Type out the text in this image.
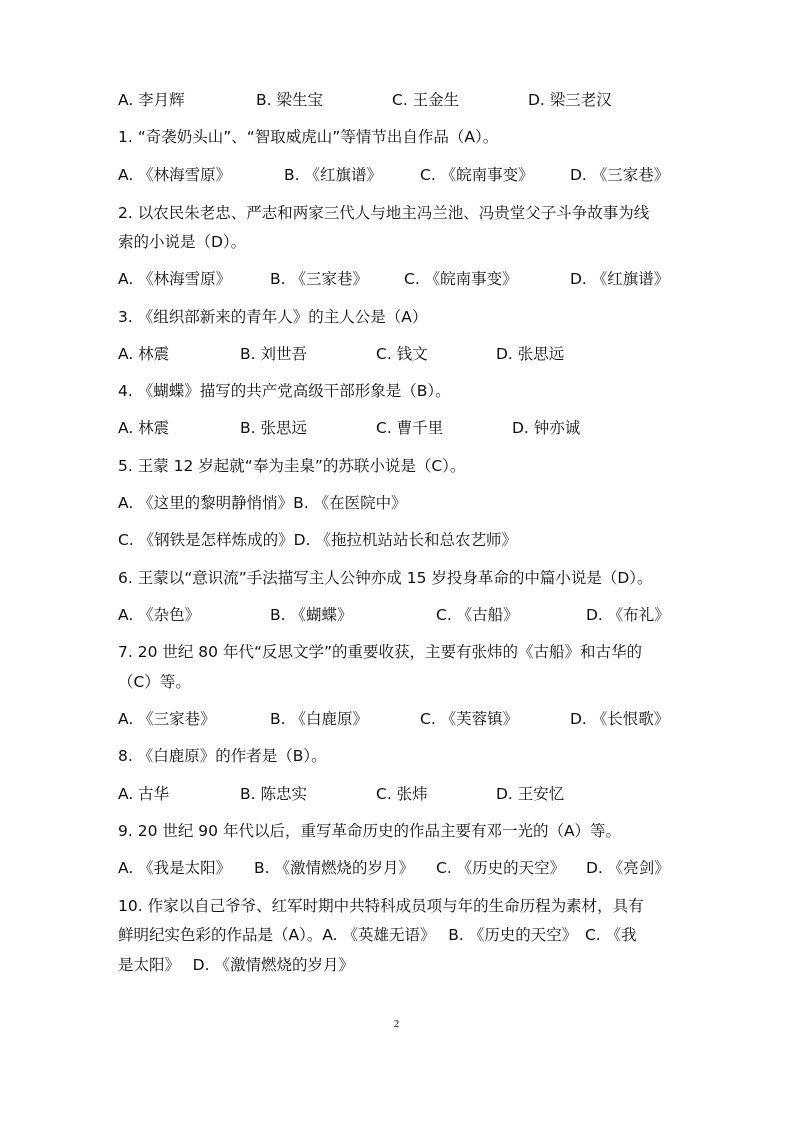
A. 李月辉	B. 梁生宝	C. 王金生	D. 梁三老汉
1. “奇袭奶头山”、“智取威虎山”等情节出自作品（A）。
A. 《林海雪原》	B. 《红旗谱》 C. 《皖南事变》 D. 《三家巷》
2. 以农民朱老忠、严志和两家三代人与地主冯兰池、冯贵堂父子斗争故事为线
索的小说是（D）。
A. 《林海雪原》	B. 《三家巷》 C. 《皖南事变》	D. 《红旗谱》
3. 《组织部新来的青年人》的主人公是（A）
A. 林震	B. 刘世吾	C. 钱文	D. 张思远
4. 《蝴蝶》描写的共产党高级干部形象是（B）。
A. 林震	B. 张思远	C. 曹千里	D. 钟亦诚
5. 王蒙 12 岁起就“奉为圭臬”的苏联小说是（C）。
A. 《这里的黎明静悄悄》B. 《在医院中》
C. 《钢铁是怎样炼成的》D. 《拖拉机站站长和总农艺师》
6. 王蒙以“意识流”手法描写主人公钟亦成 15 岁投身革命的中篇小说是（D）。
A. 《杂色》	B. 《蝴蝶》	C. 《古船》	D. 《布礼》
7. 20 世纪 80 年代“反思文学”的重要收获，主要有张炜的《古船》和古华的
（C）等。
A. 《三家巷》	B. 《白鹿原》	C. 《芙蓉镇》	D. 《长恨歌》
8. 《白鹿原》的作者是（B）。
A. 古华	B. 陈忠实	C. 张炜	D. 王安忆
9. 20 世纪 90 年代以后，重写革命历史的作品主要有邓一光的（A）等。
A. 《我是太阳》 B. 《激情燃烧的岁月》 C. 《历史的天空》 D. 《亮剑》
10. 作家以自己爷爷、红军时期中共特科成员项与年的生命历程为素材，具有
鲜明纪实色彩的作品是（A）。A. 《英雄无语》　 B. 《历史的天空》　C. 《我
是太阳》　 D. 《激情燃烧的岁月》
2
